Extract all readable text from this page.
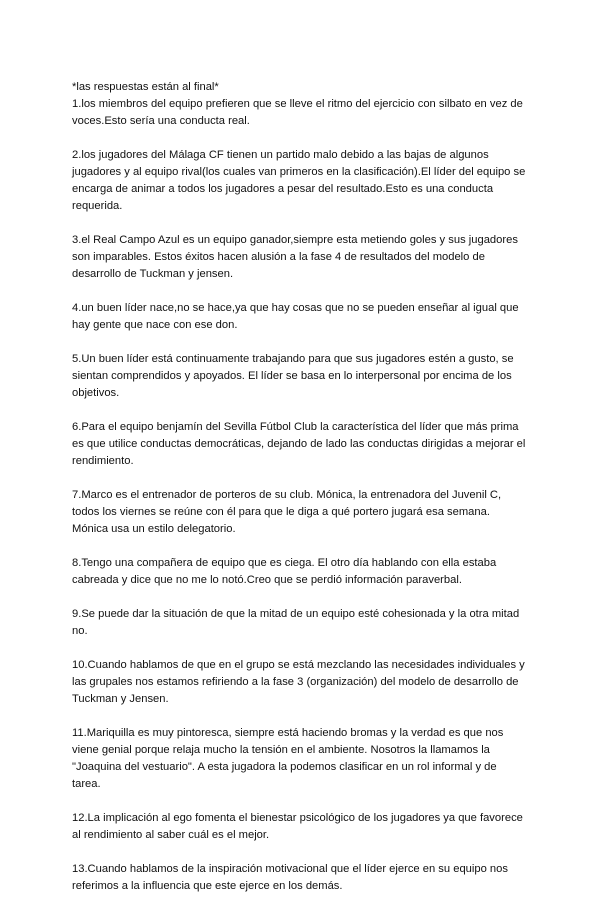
*las respuestas están al final*
1.los miembros del equipo prefieren que se lleve el ritmo del ejercicio con silbato en vez de voces.Esto sería una conducta real.
2.los jugadores del Málaga CF tienen un partido malo debido a las bajas de algunos jugadores y al equipo rival(los cuales van primeros en la clasificación).El líder del equipo se encarga de animar a todos los jugadores a pesar del resultado.Esto es una conducta requerida.
3.el Real Campo Azul es un equipo ganador,siempre esta metiendo goles y sus jugadores son imparables. Estos éxitos hacen alusión a la fase 4 de resultados del modelo de desarrollo de Tuckman y jensen.
4.un buen líder nace,no se hace,ya que hay cosas que no se pueden enseñar al igual que hay gente que nace con ese don.
5.Un buen líder está continuamente trabajando para que sus jugadores estén a gusto, se sientan comprendidos y apoyados. El líder se basa en lo interpersonal por encima de los objetivos.
6.Para el equipo benjamín del Sevilla Fútbol Club la característica del líder que más prima es que utilice conductas democráticas, dejando de lado las conductas dirigidas a mejorar el rendimiento.
7.Marco es el entrenador de porteros de su club. Mónica, la entrenadora del Juvenil C, todos los viernes se reúne con él para que le diga a qué portero jugará esa semana. Mónica usa un estilo delegatorio.
8.Tengo una compañera de equipo que es ciega. El otro día hablando con ella estaba cabreada y dice que no me lo notó.Creo que se perdió información paraverbal.
9.Se puede dar la situación de que la mitad de un equipo esté cohesionada y la otra mitad no.
10.Cuando hablamos de que en el grupo se está mezclando las necesidades individuales y las grupales nos estamos refiriendo a la fase 3 (organización) del modelo de desarrollo de Tuckman y Jensen.
11.Mariquilla es muy pintoresca, siempre está haciendo bromas y la verdad es que nos viene genial porque relaja mucho la tensión en el ambiente. Nosotros la llamamos la "Joaquina del vestuario". A esta jugadora la podemos clasificar en un rol informal y de tarea.
12.La implicación al ego fomenta el bienestar psicológico de los jugadores ya que favorece al rendimiento al saber cuál es el mejor.
13.Cuando hablamos de la inspiración motivacional que el líder ejerce en su equipo nos referimos a la influencia que este ejerce en los demás.
